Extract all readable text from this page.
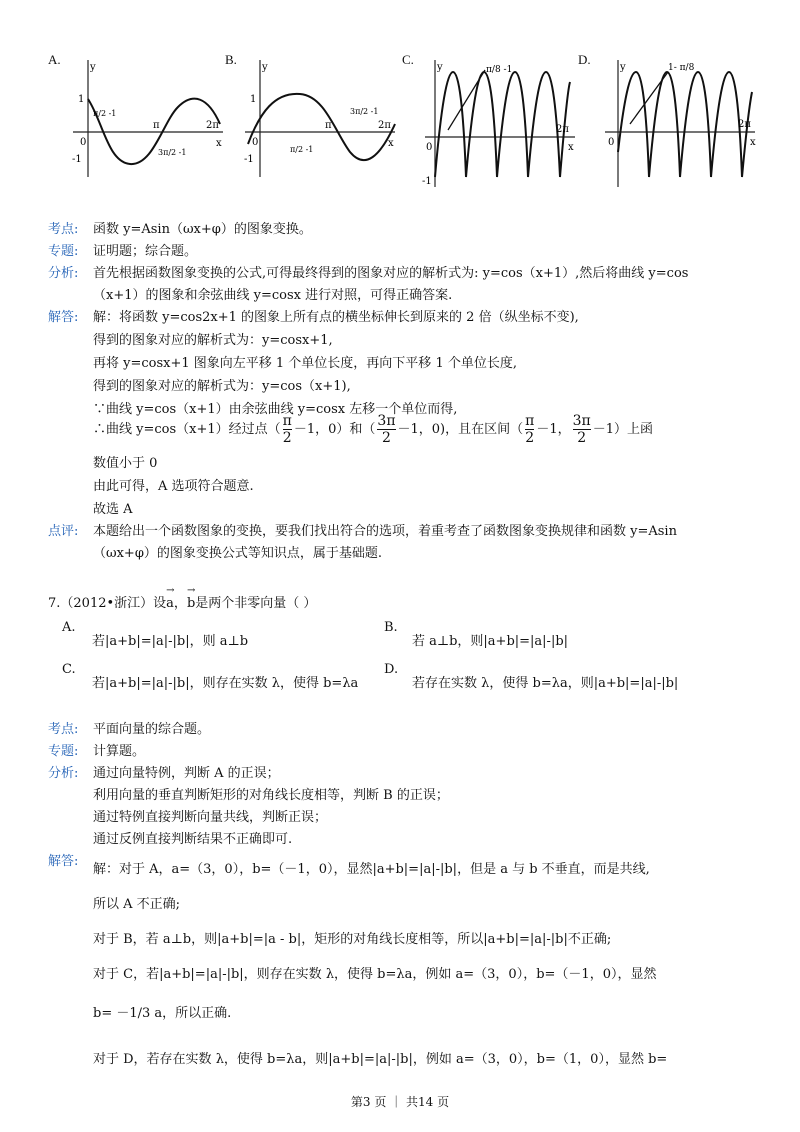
A.
y
1
-1
0
π	2π
x
π/2 -1
3π/2 -1
B.
y
1
-1
0
π	2π
x
π/2 -1
3π/2 -1
C.
y
0
-1
2π
x
π/8 -1
D.
y
0
2π
x
1- π/8
考点: 函数 y=Asin（ωx+φ）的图象变换。
专题: 证明题；综合题。
分析: 首先根据函数图象变换的公式,可得最终得到的图象对应的解析式为: y=cos（x+1）,然后将曲线 y=cos
（x+1）的图象和余弦曲线 y=cosx 进行对照，可得正确答案.
解答: 解：将函数 y=cos2x+1 的图象上所有点的横坐标伸长到原来的 2 倍（纵坐标不变),
得到的图象对应的解析式为：y=cosx+1,
再将 y=cosx+1 图象向左平移 1 个单位长度，再向下平移 1 个单位长度,
得到的图象对应的解析式为：y=cos（x+1),
∵曲线 y=cos（x+1）由余弦曲线 y=cosx 左移一个单位而得,
∴曲线 y=cos（x+1）经过点（ $\frac{\pi}{2} -1$，0）和（ $\frac{3\pi}{2} -1$，0)，且在区间（ $\frac{\pi}{2} -1$， $\frac{3\pi}{2} -1$）上函
数值小于 0
由此可得，A 选项符合题意.
故选 A
点评: 本题给出一个函数图象的变换，要我们找出符合的选项，着重考查了函数图象变换规律和函数 y=Asin
（ωx+φ）的图象变换公式等知识点，属于基础题.
7.（2012•浙江）设→ a，→ b是两个非零向量（ ）
A.
若|a+b|=|a|-|b|，则 a⊥b
B.
若 a⊥b，则|a+b|=|a|-|b|
C.
若|a+b|=|a|-|b|，则存在实数 λ，使得 b=λa
D.
若存在实数 λ，使得 b=λa，则|a+b|=|a|-|b|
考点: 平面向量的综合题。
专题: 计算题。
分析: 通过向量特例，判断 A 的正误；
利用向量的垂直判断矩形的对角线长度相等，判断 B 的正误；
通过特例直接判断向量共线，判断正误；
通过反例直接判断结果不正确即可.
解答:
解：对于 A，a=（3，0），b=（－1，0），显然|a+b|=|a|-|b|，但是 a 与 b 不垂直，而是共线,
所以 A 不正确;
对于 B，若 a⊥b，则|a+b|=|a - b|，矩形的对角线长度相等，所以|a+b|=|a|-|b|不正确;
对于 C，若|a+b|=|a|-|b|，则存在实数 λ，使得 b=λa，例如 a=（3，0），b=（－1，0），显然
b= －1/3 a，所以正确.
对于 D，若存在实数 λ，使得 b=λa，则|a+b|=|a|-|b|，例如 a=（3，0），b=（1，0），显然 b=
第3 页 ｜ 共14 页
